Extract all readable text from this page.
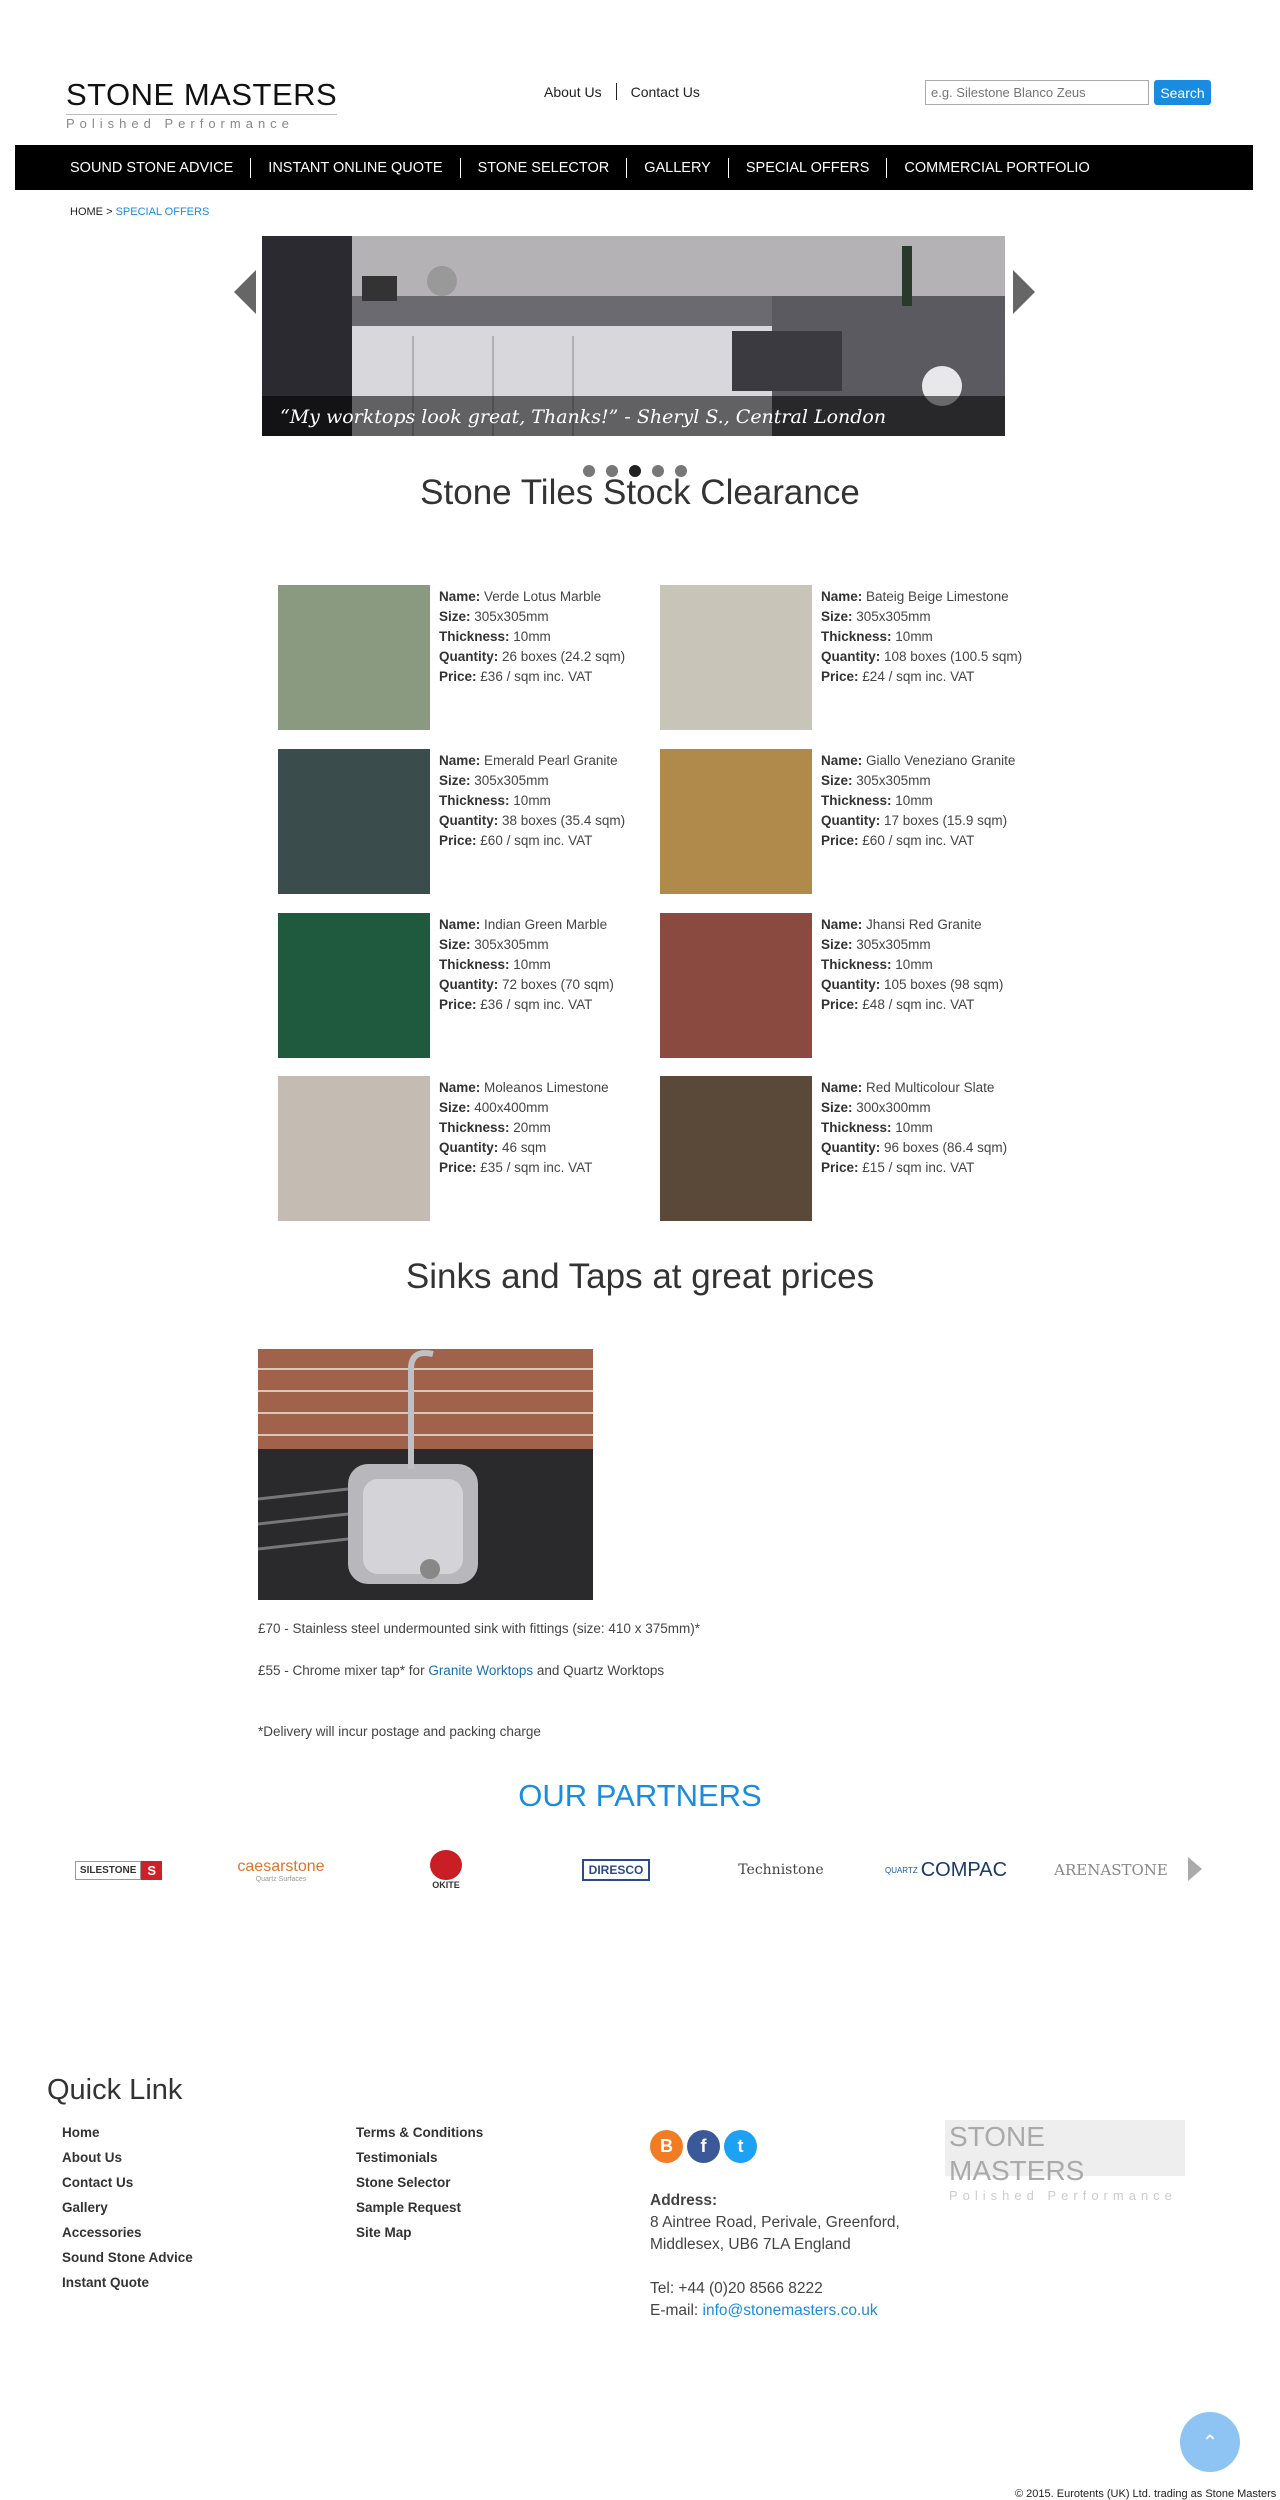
STONE MASTERS
Polished Performance
About Us Contact Us
e.g. Silestone Blanco Zeus	Search
SOUND STONE ADVICE	INSTANT ONLINE QUOTE	STONE SELECTOR	GALLERY	SPECIAL OFFERS	COMMERCIAL PORTFOLIO
HOME > SPECIAL OFFERS
“My worktops look great, Thanks!” - Sheryl S., Central London
Stone Tiles Stock Clearance
Name: Verde Lotus Marble
Size: 305x305mm
Thickness: 10mm
Quantity: 26 boxes (24.2 sqm)
Price: £36 / sqm inc. VAT
Name: Bateig Beige Limestone
Size: 305x305mm
Thickness: 10mm
Quantity: 108 boxes (100.5 sqm)
Price: £24 / sqm inc. VAT
Name: Emerald Pearl Granite
Size: 305x305mm
Thickness: 10mm
Quantity: 38 boxes (35.4 sqm)
Price: £60 / sqm inc. VAT
Name: Giallo Veneziano Granite
Size: 305x305mm
Thickness: 10mm
Quantity: 17 boxes (15.9 sqm)
Price: £60 / sqm inc. VAT
Name: Indian Green Marble
Size: 305x305mm
Thickness: 10mm
Quantity: 72 boxes (70 sqm)
Price: £36 / sqm inc. VAT
Name: Jhansi Red Granite
Size: 305x305mm
Thickness: 10mm
Quantity: 105 boxes (98 sqm)
Price: £48 / sqm inc. VAT
Name: Moleanos Limestone
Size: 400x400mm
Thickness: 20mm
Quantity: 46 sqm
Price: £35 / sqm inc. VAT
Name: Red Multicolour Slate
Size: 300x300mm
Thickness: 10mm
Quantity: 96 boxes (86.4 sqm)
Price: £15 / sqm inc. VAT
Sinks and Taps at great prices
£70 - Stainless steel undermounted sink with fittings (size: 410 x 375mm)*
£55 - Chrome mixer tap* for Granite Worktops and Quartz Worktops
*Delivery will incur postage and packing charge
OUR PARTNERS
SILESTONE S	caesarstone
Quartz Surfaces
OKITE
DIRESCO	Technistone	QUARTZ COMPAC	ARENASTONE
Quick Link
Home
About Us
Contact Us
Gallery
Accessories
Sound Stone Advice
Instant Quote
Terms & Conditions
Testimonials
Stone Selector
Sample Request
Site Map
B	f	t
Address:
8 Aintree Road, Perivale, Greenford,
Middlesex, UB6 7LA England
Tel: +44 (0)20 8566 8222
E-mail: info@stonemasters.co.uk
STONE MASTERS
Polished Performance
⌃
© 2015. Eurotents (UK) Ltd. trading as Stone Masters
